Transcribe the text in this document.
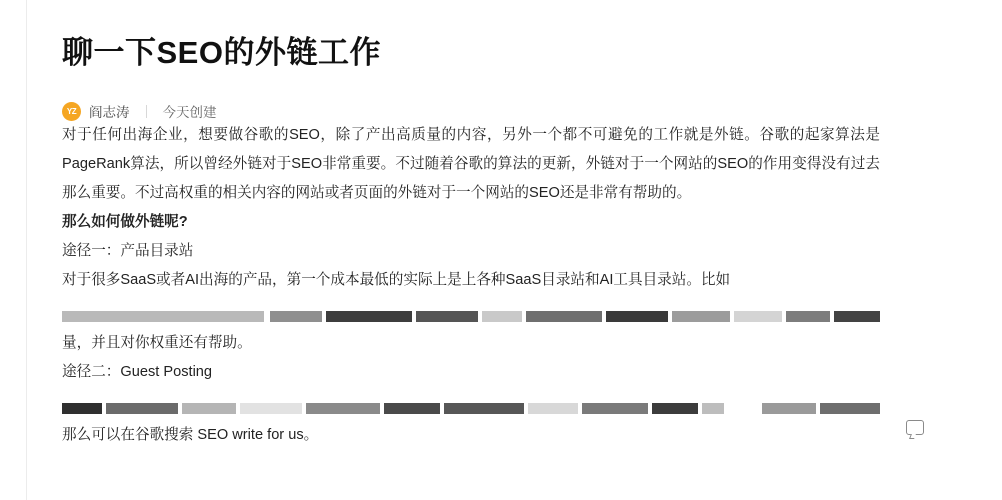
聊一下SEO的外链工作
YZ 阎志涛 今天创建

对于任何出海企业，想要做谷歌的SEO，除了产出高质量的内容，另外一个都不可避免的工作就是外链。谷歌的起家算法是PageRank算法，所以曾经外链对于SEO非常重要。不过随着谷歌的算法的更新，外链对于一个网站的SEO的作用变得没有过去那么重要。不过高权重的相关内容的网站或者页面的外链对于一个网站的SEO还是非常有帮助的。

那么如何做外链呢?

途径一：产品目录站

对于很多SaaS或者AI出海的产品，第一个成本最低的实际上是上各种SaaS目录站和AI工具目录站。比如

量，并且对你权重还有帮助。

途径二：Guest Posting

那么可以在谷歌搜索 SEO write for us。
